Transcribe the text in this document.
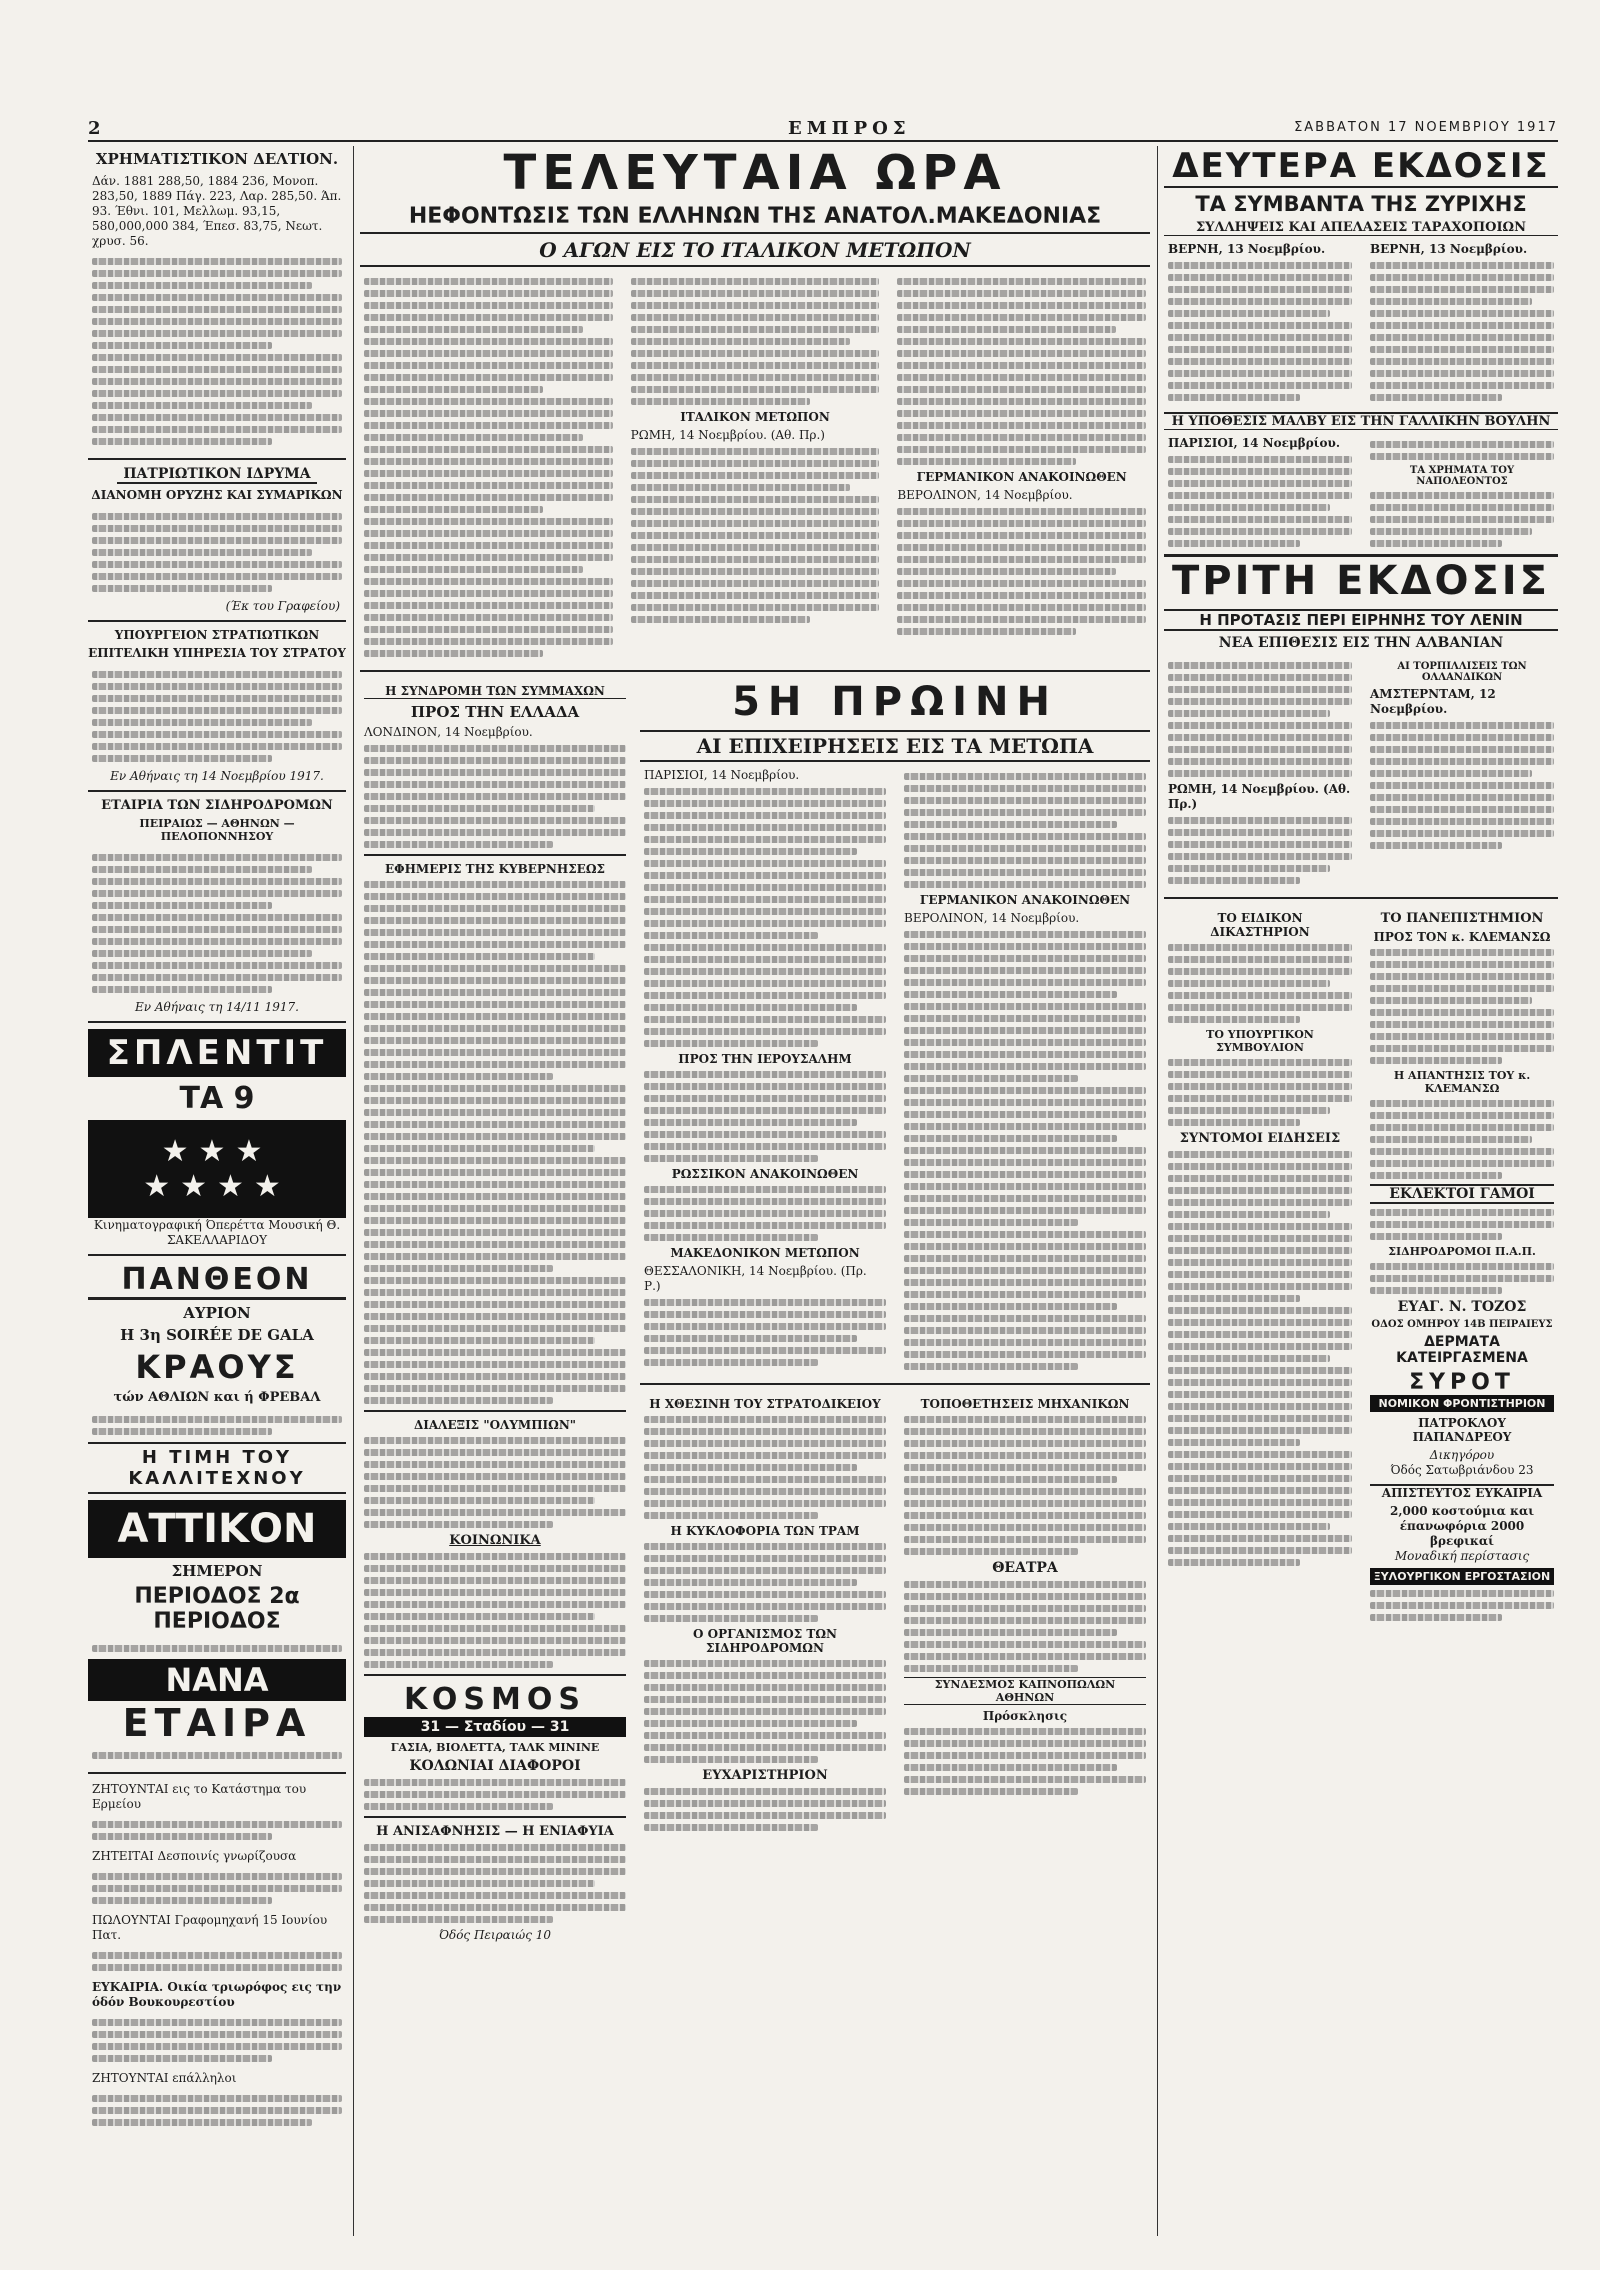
2	ΕΜΠΡΟΣ	ΣΑΒΒΑΤΟΝ 17 ΝΟΕΜΒΡΙΟΥ 1917
ΧΡΗΜΑΤΙΣΤΙΚΟΝ ΔΕΛΤΙΟΝ.
Δάν. 1881 288,50, 1884 236, Μονοπ. 283,50, 1889 Πάγ. 223, Λαρ. 285,50. Άπ. 93. Έθνι. 101, Μελλωμ. 93,15, 580,000,000 384, Έπεσ. 83,75, Νεωτ. χρυσ. 56.
ΠΑΤΡΙΩΤΙΚΟΝ ΙΔΡΥΜΑ
ΔΙΑΝΟΜΗ ΟΡΥΖΗΣ ΚΑΙ ΣΥΜΑΡΙΚΩΝ
(Έκ του Γραφείου)
ΥΠΟΥΡΓΕΙΟΝ ΣΤΡΑΤΙΩΤΙΚΩΝ
ΕΠΙΤΕΛΙΚΗ ΥΠΗΡΕΣΙΑ ΤΟΥ ΣΤΡΑΤΟΥ
Εν Αθήναις τη 14 Νοεμβρίου 1917.
ΕΤΑΙΡΙΑ ΤΩΝ ΣΙΔΗΡΟΔΡΟΜΩΝ
ΠΕΙΡΑΙΩΣ — ΑΘΗΝΩΝ — ΠΕΛΟΠΟΝΝΗΣΟΥ
Εν Αθήναις τη 14/11 1917.
ΣΠΛΕΝΤΙΤ
ΤΑ 9
★★★
★★★★
Κινηματογραφική Όπερέττα Μουσική Θ. ΣΑΚΕΛΛΑΡΙΔΟΥ
ΠΑΝΘΕΟΝ
ΑΥΡΙΟΝ
Η 3η SOIRÉE DE GALA
ΚΡΑΟΥΣ
τών ΑΘΛΙΩΝ και ή ΦΡΕΒΑΛ
Η ΤΙΜΗ ΤΟΥ ΚΑΛΛΙΤΕΧΝΟΥ
ΑΤΤΙΚΟΝ
ΣΗΜΕΡΟΝ
ΠΕΡΙΟΔΟΣ 2α ΠΕΡΙΟΔΟΣ
ΝΑΝΑ
ΕΤΑΙΡΑ
ΖΗΤΟΥΝΤΑΙ εις το Κατάστημα του Ερμείου
ΖΗΤΕΙΤΑΙ Δεσποινίς γνωρίζουσα
ΠΩΛΟΥΝΤΑΙ Γραφομηχανή 15 Ιουνίου Πατ.
ΕΥΚΑΙΡΙΑ. Οικία τριωρόφος εις την όδόν Βουκουρεστίου
ΖΗΤΟΥΝΤΑΙ επάλληλοι
ΤΕΛΕΥΤΑΙΑ ΩΡΑ
ΗΕΦΟΝΤΩΣΙΣ ΤΩΝ ΕΛΛΗΝΩΝ ΤΗΣ ΑΝΑΤΟΛ.ΜΑΚΕΔΟΝΙΑΣ
Ο ΑΓΩΝ ΕΙΣ ΤΟ ΙΤΑΛΙΚΟΝ ΜΕΤΩΠΟΝ
ΙΤΑΛΙΚΟΝ ΜΕΤΩΠΟΝ
ΡΩΜΗ, 14 Νοεμβρίου. (Αθ. Πρ.)
ΓΕΡΜΑΝΙΚΟΝ ΑΝΑΚΟΙΝΩΘΕΝ
ΒΕΡΟΛΙΝΟΝ, 14 Νοεμβρίου.
Η ΣΥΝΔΡΟΜΗ ΤΩΝ ΣΥΜΜΑΧΩΝ
ΠΡΟΣ ΤΗΝ ΕΛΛΑΔΑ
ΛΟΝΔΙΝΟΝ, 14 Νοεμβρίου.
ΕΦΗΜΕΡΙΣ ΤΗΣ ΚΥΒΕΡΝΗΣΕΩΣ
ΔΙΑΛΕΞΙΣ "ΟΛΥΜΠΙΩΝ"
ΚΟΙΝΩΝΙΚΑ
KOSMOS
31 — Σταδίου — 31
ΓΑΣΙΑ, ΒΙΟΛΕΤΤΑ, ΤΑΛΚ ΜΙΝΙΝΕ
ΚΟΛΩΝΙΑΙ ΔΙΑΦΟΡΟΙ
Η ΑΝΙΣΑΦΝΗΣΙΣ — Η ΕΝΙΑΦΥΙΑ
Όδός Πειραιώς 10
5Η ΠΡΩΙΝΗ
ΑΙ ΕΠΙΧΕΙΡΗΣΕΙΣ ΕΙΣ ΤΑ ΜΕΤΩΠΑ
ΠΑΡΙΣΙΟΙ, 14 Νοεμβρίου.
ΠΡΟΣ ΤΗΝ ΙΕΡΟΥΣΑΛΗΜ
ΡΩΣΣΙΚΟΝ ΑΝΑΚΟΙΝΩΘΕΝ
ΜΑΚΕΔΟΝΙΚΟΝ ΜΕΤΩΠΟΝ
ΘΕΣΣΑΛΟΝΙΚΗ, 14 Νοεμβρίου. (Πρ. Ρ.)
ΓΕΡΜΑΝΙΚΟΝ ΑΝΑΚΟΙΝΩΘΕΝ
ΒΕΡΟΛΙΝΟΝ, 14 Νοεμβρίου.
Η ΧΘΕΣΙΝΗ ΤΟΥ ΣΤΡΑΤΟΔΙΚΕΙΟΥ
Η ΚΥΚΛΟΦΟΡΙΑ ΤΩΝ ΤΡΑΜ
Ο ΟΡΓΑΝΙΣΜΟΣ ΤΩΝ ΣΙΔΗΡΟΔΡΟΜΩΝ
ΕΥΧΑΡΙΣΤΗΡΙΟΝ
ΤΟΠΟΘΕΤΗΣΕΙΣ ΜΗΧΑΝΙΚΩΝ
ΘΕΑΤΡΑ
ΣΥΝΔΕΣΜΟΣ ΚΑΠΝΟΠΩΛΩΝ ΑΘΗΝΩΝ
Πρόσκλησις
ΔΕΥΤΕΡΑ ΕΚΔΟΣΙΣ
ΤΑ ΣΥΜΒΑΝΤΑ ΤΗΣ ΖΥΡΙΧΗΣ
ΣΥΛΛΗΨΕΙΣ ΚΑΙ ΑΠΕΛΑΣΕΙΣ ΤΑΡΑΧΟΠΟΙΩΝ
ΒΕΡΝΗ, 13 Νοεμβρίου.	ΒΕΡΝΗ, 13 Νοεμβρίου.
Η ΥΠΟΘΕΣΙΣ ΜΑΛΒΥ ΕΙΣ ΤΗΝ ΓΑΛΛΙΚΗΝ ΒΟΥΛΗΝ
ΠΑΡΙΣΙΟΙ, 14 Νοεμβρίου.
ΤΑ ΧΡΗΜΑΤΑ ΤΟΥ ΝΑΠΟΛΕΟΝΤΟΣ
ΤΡΙΤΗ ΕΚΔΟΣΙΣ
Η ΠΡΟΤΑΣΙΣ ΠΕΡΙ ΕΙΡΗΝΗΣ ΤΟΥ ΛΕΝΙΝ
ΝΕΑ ΕΠΙΘΕΣΙΣ ΕΙΣ ΤΗΝ ΑΛΒΑΝΙΑΝ
ΡΩΜΗ, 14 Νοεμβρίου. (Αθ. Πρ.)
ΑΙ ΤΟΡΠΙΛΛΙΣΕΙΣ ΤΩΝ ΟΛΛΑΝΔΙΚΩΝ
ΑΜΣΤΕΡΝΤΑΜ, 12 Νοεμβρίου.
ΤΟ ΕΙΔΙΚΟΝ ΔΙΚΑΣΤΗΡΙΟΝ
ΤΟ ΥΠΟΥΡΓΙΚΟΝ ΣΥΜΒΟΥΛΙΟΝ
ΣΥΝΤΟΜΟΙ ΕΙΔΗΣΕΙΣ
ΤΟ ΠΑΝΕΠΙΣΤΗΜΙΟΝ
ΠΡΟΣ ΤΟΝ κ. ΚΛΕΜΑΝΣΩ
Η ΑΠΑΝΤΗΣΙΣ ΤΟΥ κ. ΚΛΕΜΑΝΣΩ
ΕΚΛΕΚΤΟΙ ΓΑΜΟΙ
ΣΙΔΗΡΟΔΡΟΜΟΙ Π.Α.Π.
ΕΥΑΓ. Ν. ΤΟΖΟΣ
ΟΔΟΣ ΟΜΗΡΟΥ 14Β ΠΕΙΡΑΙΕΥΣ
ΔΕΡΜΑΤΑ ΚΑΤΕΙΡΓΑΣΜΕΝΑ
ΣΥΡΟΤ
ΝΟΜΙΚΟΝ ΦΡΟΝΤΙΣΤΗΡΙΟΝ
ΠΑΤΡΟΚΛΟΥ ΠΑΠΑΝΔΡΕΟΥ
Δικηγόρου
Όδός Σατωβριάνδου 23
ΑΠΙΣΤΕΥΤΟΣ ΕΥΚΑΙΡΙΑ
2,000 κοστούμια και έπανωφόρια 2000 βρεφικαί
Μοναδική περίστασις
ΞΥΛΟΥΡΓΙΚΟΝ ΕΡΓΟΣΤΑΣΙΟΝ
